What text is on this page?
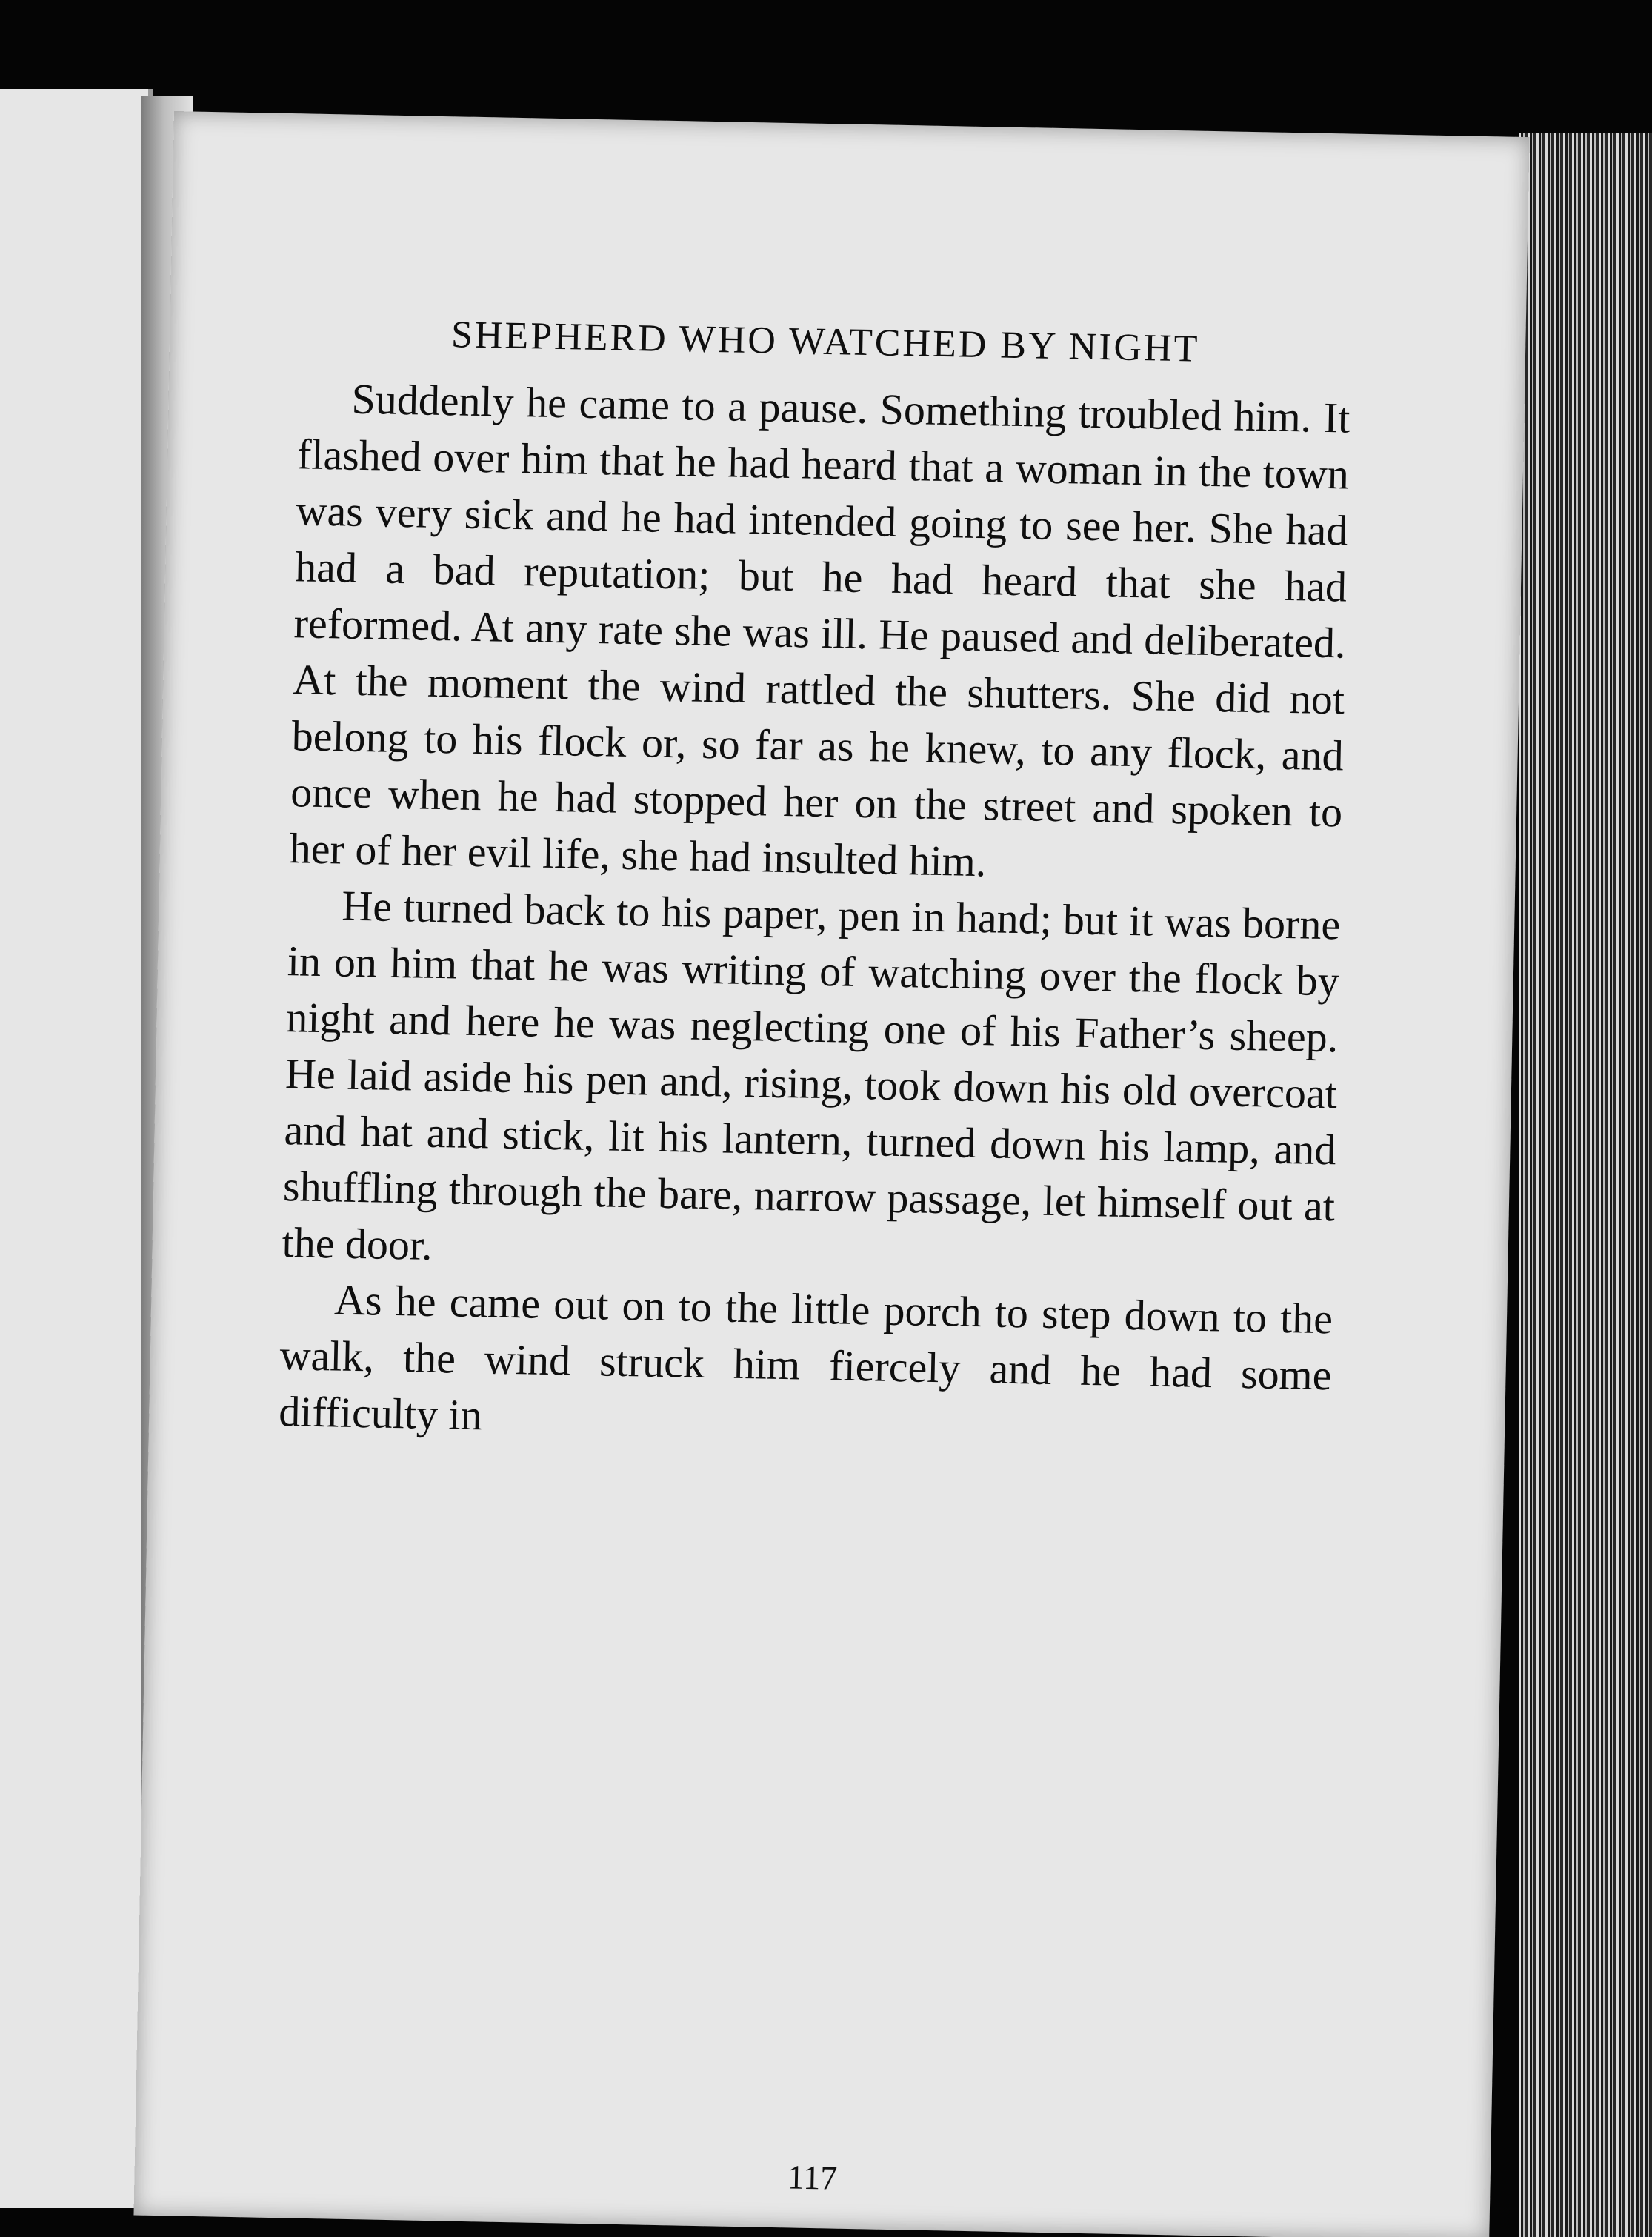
SHEPHERD WHO WATCHED BY NIGHT

Suddenly he came to a pause. Something troubled him. It flashed over him that he had heard that a woman in the town was very sick and he had intended going to see her. She had had a bad reputation; but he had heard that she had reformed. At any rate she was ill. He paused and deliberated. At the moment the wind rattled the shutters. She did not belong to his flock or, so far as he knew, to any flock, and once when he had stopped her on the street and spoken to her of her evil life, she had insulted him.

He turned back to his paper, pen in hand; but it was borne in on him that he was writing of watching over the flock by night and here he was neglecting one of his Father’s sheep. He laid aside his pen and, rising, took down his old overcoat and hat and stick, lit his lantern, turned down his lamp, and shuffling through the bare, narrow passage, let himself out at the door.

As he came out on to the little porch to step down to the walk, the wind struck him fiercely and he had some difficulty in

117
